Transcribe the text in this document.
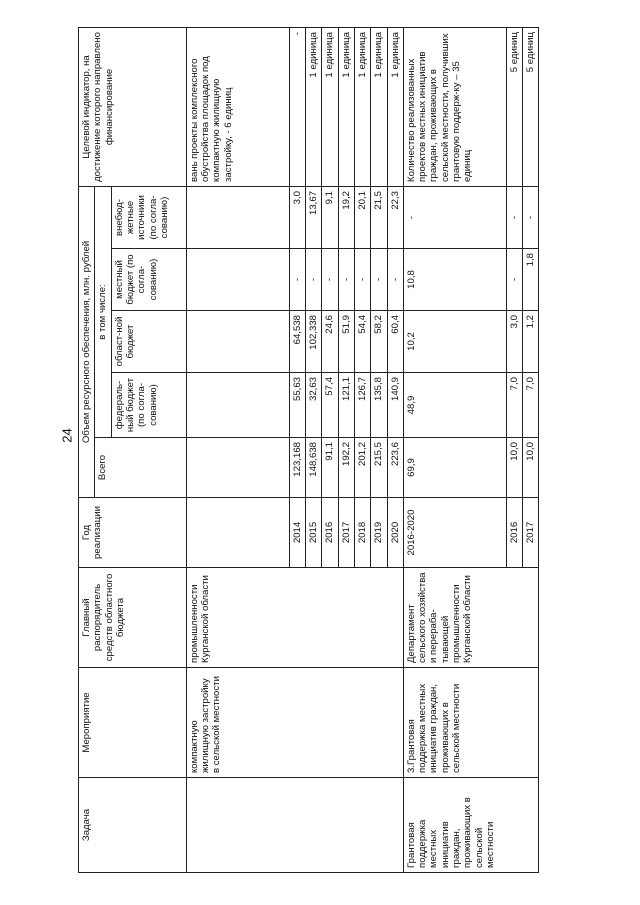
24
Задача	Мероприятие	Главный распорядитель средств областного бюджета	Год реализации	Объем ресурсного обеспечения, млн. рублей					Целевой индикатор, на достижение которого направлено финансирование
				Всего	в том числе:				
					федераль-ный бюджет (по согла-сованию)	област-ной бюджет	местный бюджет (по согла-сованию)	внебюд-жетные источники (по согла-сованию)	
	компактную жилищную застройку в сельской местности	промышленности Курганской области							вань проекты комплексного обустройства площадок под компактную жилищную застройку, - 6 единиц
			2014	123,168	55,63	64,538	-	3,0	-
			2015	148,638	32,63	102,338	-	13,67	1 единица
			2016	91,1	57,4	24,6	-	9,1	1 единица
			2017	192,2	121,1	51,9	-	19,2	1 единица
			2018	201,2	126,7	54,4	-	20,1	1 единица
			2019	215,5	135,8	58,2	-	21,5	1 единица
			2020	223,6	140,9	60,4	-	22,3	1 единица
Грантовая поддержка местных инициатив граждан, проживающих в сельской местности	3.Грантовая поддержка местных инициатив граждан, проживающих в сельской местности	Департамент сельского хозяйства и перераба-тывающей промышленности Курганской области	2016-2020	69,9	48,9	10,2	10,8	-	Количество реализованных проектов местных инициатив граждан, проживающих в сельской местности, получивших грантовую поддерж-ку – 35 единиц
			2016	10,0	7,0	3,0	-	-	5 единиц
			2017	10,0	7,0	1,2	1,8	-	5 единиц
